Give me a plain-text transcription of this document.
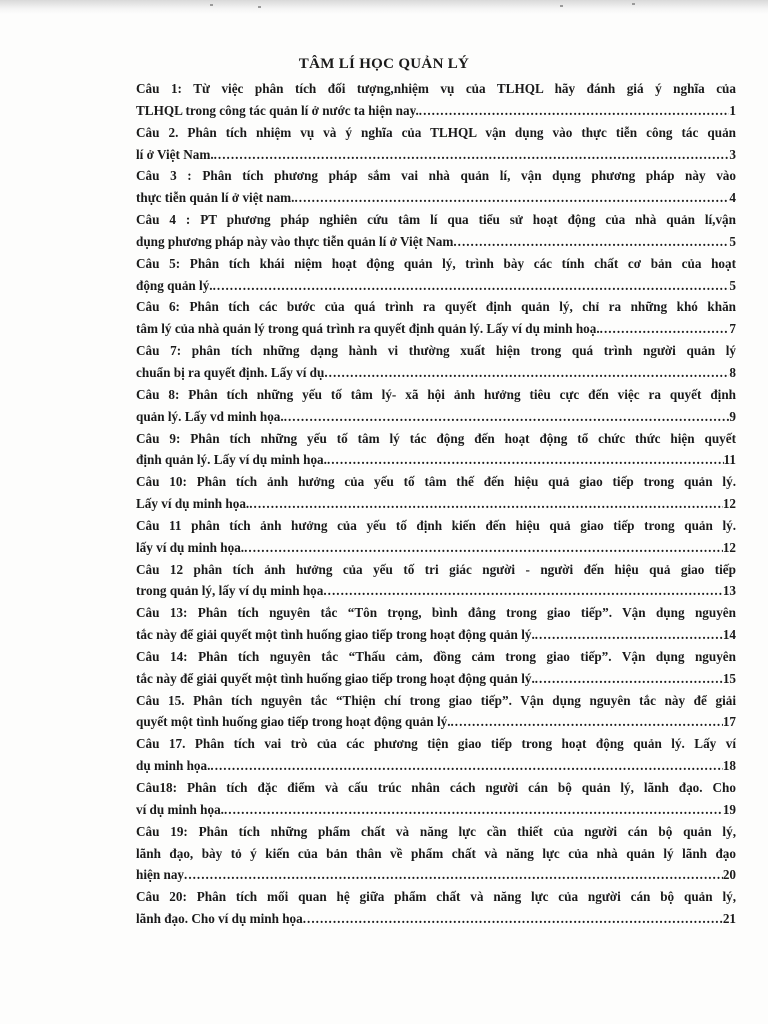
TÂM LÍ HỌC QUẢN LÝ
Câu 1: Từ việc phân tích đối tượng,nhiệm vụ của TLHQL hãy đánh giá ý nghĩa của
TLHQL trong công tác quản lí ở nước ta hiện nay. .....	1
Câu 2. Phân tích nhiệm vụ và ý nghĩa của TLHQL vận dụng vào thực tiễn công tác quản
lí ở Việt Nam. .....	3
Câu 3 : Phân tích phương pháp sắm vai nhà quản lí, vận dụng phương pháp này vào
thực tiễn quản lí ở việt nam. .....	4
Câu 4 : PT phương pháp nghiên cứu tâm lí qua tiểu sử hoạt động của nhà quản lí,vận
dụng phương pháp này vào thực tiễn quản lí ở Việt Nam .....	5
Câu 5: Phân tích khái niệm hoạt động quản lý, trình bày các tính chất cơ bản của hoạt
động quản lý. .....	5
Câu 6: Phân tích các bước của quá trình ra quyết định quản lý, chỉ ra những khó khăn
tâm lý của nhà quản lý trong quá trình ra quyết định quản lý. Lấy ví dụ minh hoạ. .....	7
Câu 7: phân tích những dạng hành vi thường xuất hiện trong quá trình người quản lý
chuẩn bị ra quyết định. Lấy ví dụ .....	8
Câu 8: Phân tích những yếu tố tâm lý- xã hội ảnh hưởng tiêu cực đến việc ra quyết định
quản lý. Lấy vd minh họa. .....	9
Câu 9: Phân tích những yếu tố tâm lý tác động đến hoạt động tổ chức thức hiện quyết
định quản lý. Lấy ví dụ minh họa. .....	11
Câu 10: Phân tích ảnh hưởng của yếu tố tâm thế đến hiệu quả giao tiếp trong quản lý.
Lấy ví dụ minh họa. .....	12
Câu 11 phân tích ảnh hưởng của yếu tố định kiến đến hiệu quả giao tiếp trong quản lý.
lấy ví dụ minh họa. .....	12
Câu 12 phân tích ảnh hưởng của yếu tố tri giác người - người đến hiệu quả giao tiếp
trong quản lý, lấy ví dụ minh họa .....	13
Câu 13: Phân tích nguyên tắc “Tôn trọng, bình đẳng trong giao tiếp”. Vận dụng nguyên
tắc này để giải quyết một tình huống giao tiếp trong hoạt động quản lý. .....	14
Câu 14: Phân tích nguyên tắc “Thấu cảm, đồng cảm trong giao tiếp”. Vận dụng nguyên
tắc này để giải quyết một tình huống giao tiếp trong hoạt động quản lý. .....	15
Câu 15. Phân tích nguyên tắc “Thiện chí trong giao tiếp”. Vận dụng nguyên tắc này để giải
quyết một tình huống giao tiếp trong hoạt động quản lý. .....	17
Câu 17. Phân tích vai trò của các phương tiện giao tiếp trong hoạt động quản lý. Lấy ví
dụ minh họa. .....	18
Câu18: Phân tích đặc điểm và cấu trúc nhân cách người cán bộ quản lý, lãnh đạo. Cho
ví dụ minh họa. .....	19
Câu 19: Phân tích những phẩm chất và năng lực cần thiết của người cán bộ quản lý,
lãnh đạo, bày tỏ ý kiến của bản thân về phẩm chất và năng lực của nhà quản lý lãnh đạo
hiện nay .....	20
Câu 20: Phân tích mối quan hệ giữa phẩm chất và năng lực của người cán bộ quản lý,
lãnh đạo. Cho ví dụ minh họa .....	21
